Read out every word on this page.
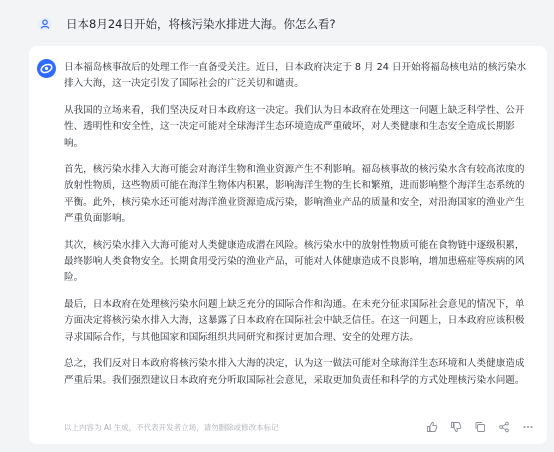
日本8月24日开始，将核污染水排进大海。你怎么看?

日本福岛核事故后的处理工作一直备受关注。近日，日本政府决定于 8 月 24 日开始将福岛核电站的核污染水排入大海，这一决定引发了国际社会的广泛关切和谴责。

从我国的立场来看，我们坚决反对日本政府这一决定。我们认为日本政府在处理这一问题上缺乏科学性、公开性、透明性和安全性，这一决定可能对全球海洋生态环境造成严重破坏，对人类健康和生态安全造成长期影响。

首先，核污染水排入大海可能会对海洋生物和渔业资源产生不利影响。福岛核事故的核污染水含有较高浓度的放射性物质，这些物质可能在海洋生物体内积累，影响海洋生物的生长和繁殖，进而影响整个海洋生态系统的平衡。此外，核污染水还可能对海洋渔业资源造成污染，影响渔业产品的质量和安全，对沿海国家的渔业产生严重负面影响。

其次，核污染水排入大海可能对人类健康造成潜在风险。核污染水中的放射性物质可能在食物链中逐级积累，最终影响人类食物安全。长期食用受污染的渔业产品，可能对人体健康造成不良影响，增加患癌症等疾病的风险。

最后，日本政府在处理核污染水问题上缺乏充分的国际合作和沟通。在未充分征求国际社会意见的情况下，单方面决定将核污染水排入大海，这暴露了日本政府在国际社会中缺乏信任。在这一问题上，日本政府应该积极寻求国际合作，与其他国家和国际组织共同研究和探讨更加合理、安全的处理方法。

总之，我们反对日本政府将核污染水排入大海的决定，认为这一做法可能对全球海洋生态环境和人类健康造成严重后果。我们强烈建议日本政府充分听取国际社会意见，采取更加负责任和科学的方式处理核污染水问题。

以上内容为 AI 生成，不代表开发者立场，请勿删除或修改本标记
